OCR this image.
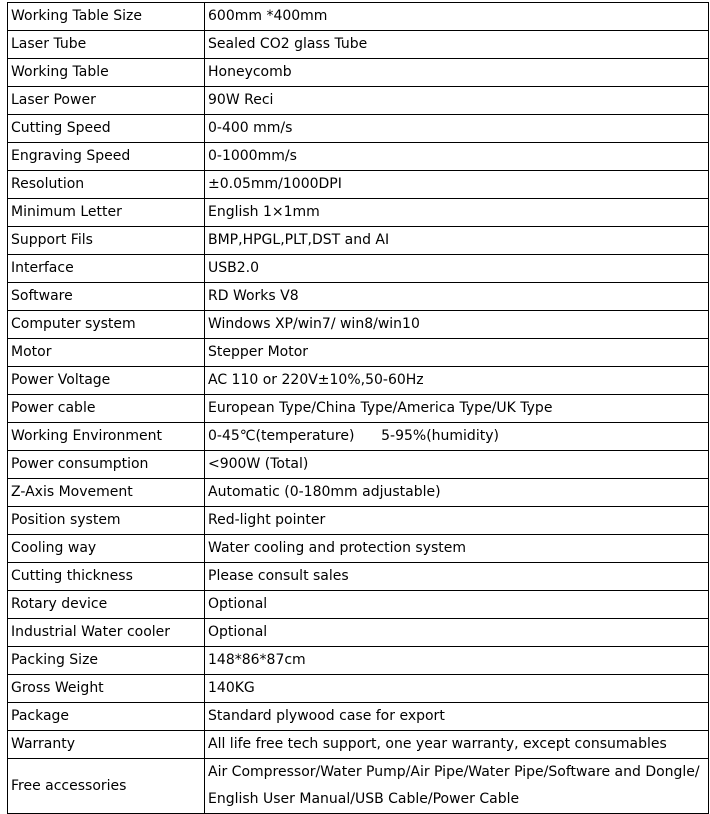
Working Table Size	600mm *400mm
Laser Tube	Sealed CO2 glass Tube
Working Table	Honeycomb
Laser Power	90W Reci
Cutting Speed	0-400 mm/s
Engraving Speed	0-1000mm/s
Resolution	±0.05mm/1000DPI
Minimum Letter	English 1×1mm
Support Fils	BMP,HPGL,PLT,DST and AI
Interface	USB2.0
Software	RD Works V8
Computer system	Windows XP/win7/ win8/win10
Motor	Stepper Motor
Power Voltage	AC 110 or 220V±10%,50-60Hz
Power cable	European Type/China Type/America Type/UK Type
Working Environment	0-45℃(temperature)      5-95%(humidity)
Power consumption	<900W (Total)
Z-Axis Movement	Automatic (0-180mm adjustable)
Position system	Red-light pointer
Cooling way	Water cooling and protection system
Cutting thickness	Please consult sales
Rotary device	Optional
Industrial Water cooler	Optional
Packing Size	148*86*87cm
Gross Weight	140KG
Package	Standard plywood case for export
Warranty	All life free tech support, one year warranty, except consumables
Free accessories	Air Compressor/Water Pump/Air Pipe/Water Pipe/Software and Dongle/ English User Manual/USB Cable/Power Cable
